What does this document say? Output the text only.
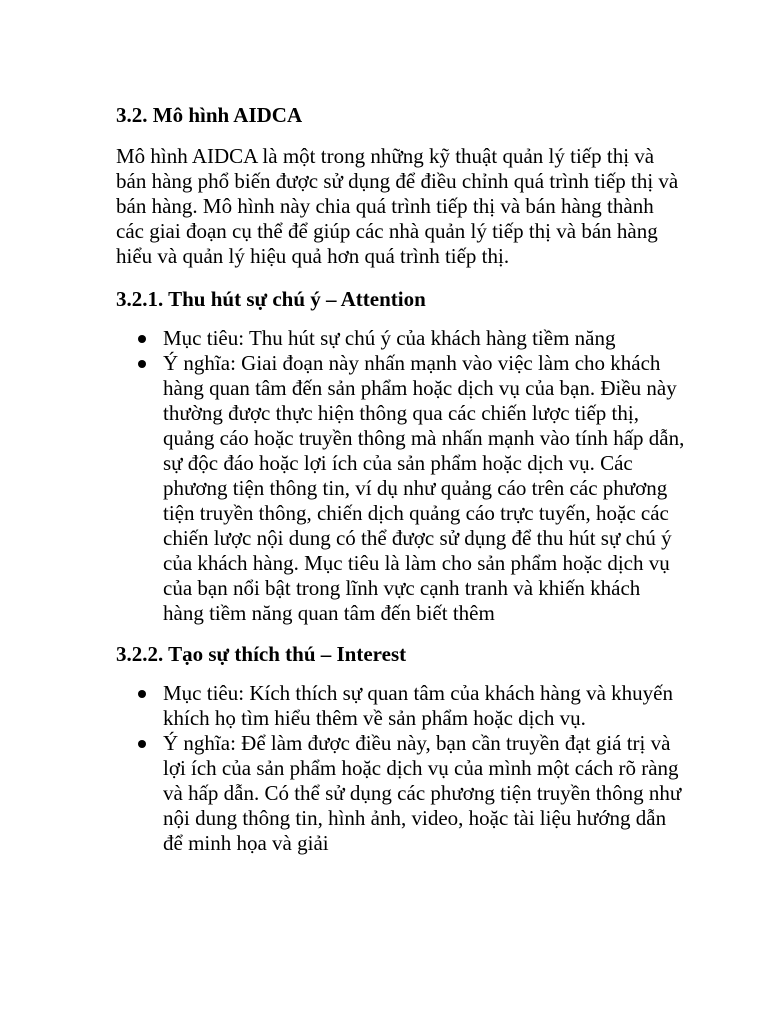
3.2. Mô hình AIDCA

Mô hình AIDCA là một trong những kỹ thuật quản lý tiếp thị và bán hàng phổ biến được sử dụng để điều chỉnh quá trình tiếp thị và bán hàng. Mô hình này chia quá trình tiếp thị và bán hàng thành các giai đoạn cụ thể để giúp các nhà quản lý tiếp thị và bán hàng hiểu và quản lý hiệu quả hơn quá trình tiếp thị.

3.2.1. Thu hút sự chú ý – Attention
Mục tiêu: Thu hút sự chú ý của khách hàng tiềm năng
Ý nghĩa: Giai đoạn này nhấn mạnh vào việc làm cho khách hàng quan tâm đến sản phẩm hoặc dịch vụ của bạn. Điều này thường được thực hiện thông qua các chiến lược tiếp thị, quảng cáo hoặc truyền thông mà nhấn mạnh vào tính hấp dẫn, sự độc đáo hoặc lợi ích của sản phẩm hoặc dịch vụ. Các phương tiện thông tin, ví dụ như quảng cáo trên các phương tiện truyền thông, chiến dịch quảng cáo trực tuyến, hoặc các chiến lược nội dung có thể được sử dụng để thu hút sự chú ý của khách hàng. Mục tiêu là làm cho sản phẩm hoặc dịch vụ của bạn nổi bật trong lĩnh vực cạnh tranh và khiến khách hàng tiềm năng quan tâm đến biết thêm
3.2.2. Tạo sự thích thú – Interest
Mục tiêu: Kích thích sự quan tâm của khách hàng và khuyến khích họ tìm hiểu thêm về sản phẩm hoặc dịch vụ.
Ý nghĩa: Để làm được điều này, bạn cần truyền đạt giá trị và lợi ích của sản phẩm hoặc dịch vụ của mình một cách rõ ràng và hấp dẫn. Có thể sử dụng các phương tiện truyền thông như nội dung thông tin, hình ảnh, video, hoặc tài liệu hướng dẫn để minh họa và giải
